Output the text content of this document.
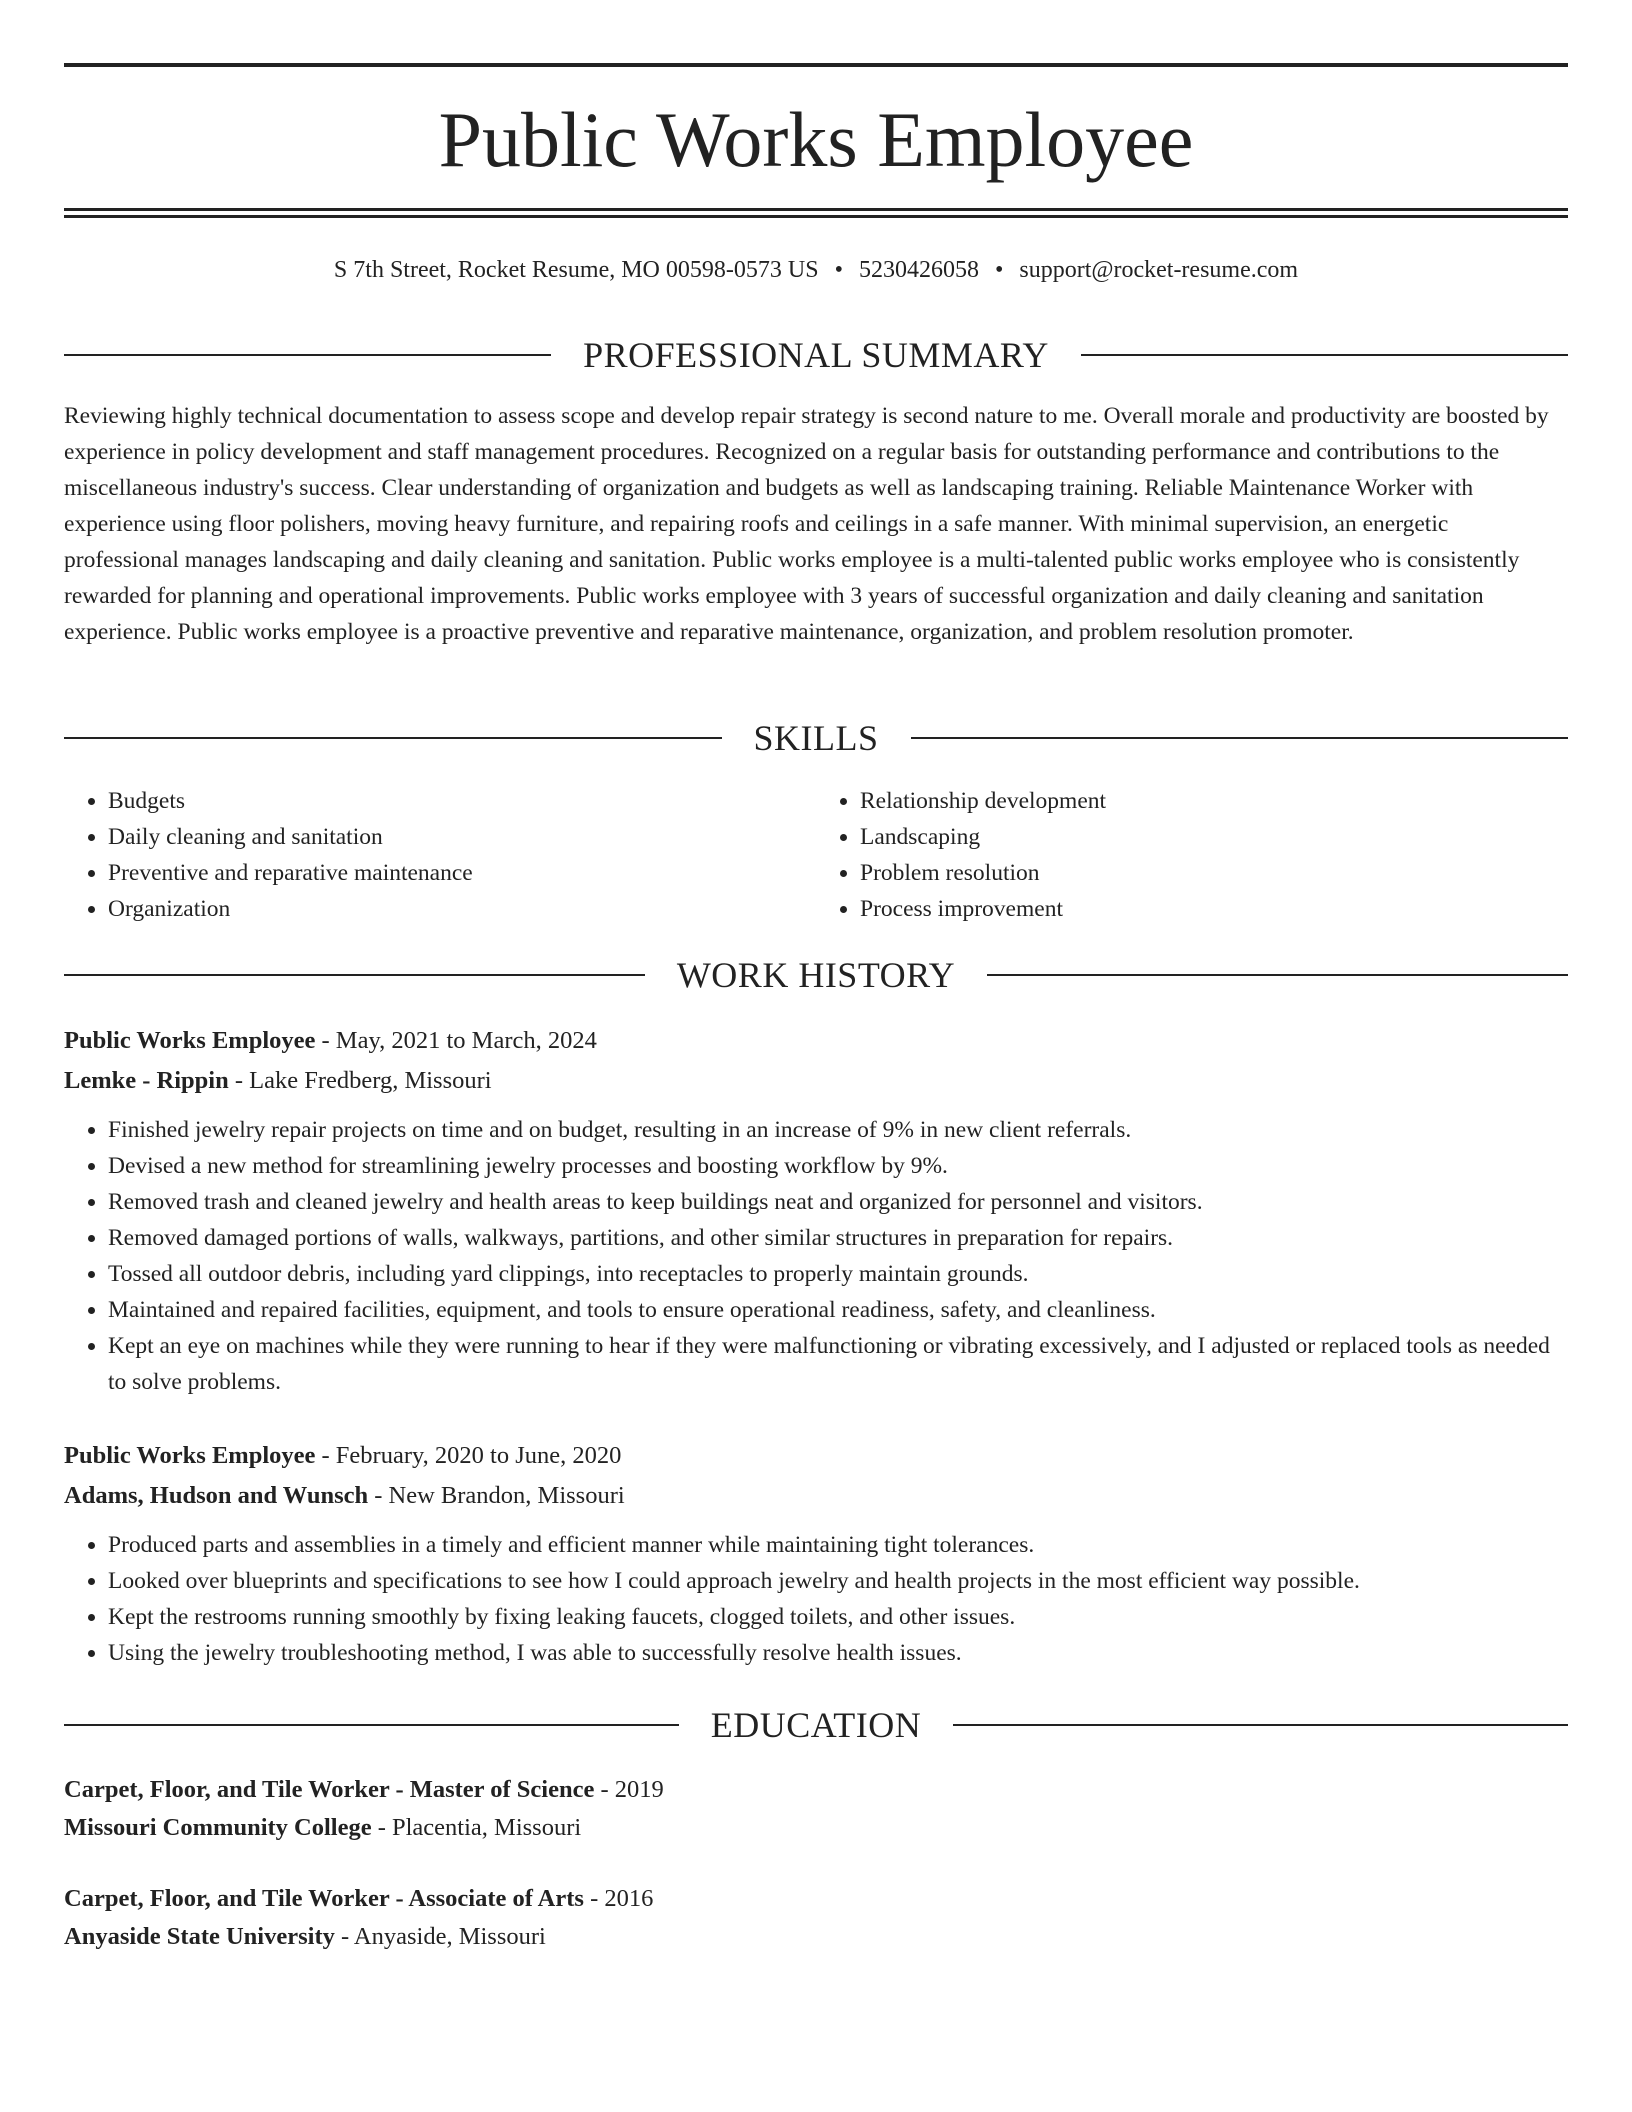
Public Works Employee
S 7th Street, Rocket Resume, MO 00598-0573 US • 5230426058 • support@rocket-resume.com
PROFESSIONAL SUMMARY

Reviewing highly technical documentation to assess scope and develop repair strategy is second nature to me. Overall morale and productivity are boosted by experience in policy development and staff management procedures. Recognized on a regular basis for outstanding performance and contributions to the miscellaneous industry's success. Clear understanding of organization and budgets as well as landscaping training. Reliable Maintenance Worker with experience using floor polishers, moving heavy furniture, and repairing roofs and ceilings in a safe manner. With minimal supervision, an energetic professional manages landscaping and daily cleaning and sanitation. Public works employee is a multi-talented public works employee who is consistently rewarded for planning and operational improvements. Public works employee with 3 years of successful organization and daily cleaning and sanitation experience. Public works employee is a proactive preventive and reparative maintenance, organization, and problem resolution promoter.

SKILLS
• Budgets
• Daily cleaning and sanitation
• Preventive and reparative maintenance
• Organization
• Relationship development
• Landscaping
• Problem resolution
• Process improvement
WORK HISTORY
Public Works Employee - May, 2021 to March, 2024
Lemke - Rippin - Lake Fredberg, Missouri
• Finished jewelry repair projects on time and on budget, resulting in an increase of 9% in new client referrals.
• Devised a new method for streamlining jewelry processes and boosting workflow by 9%.
• Removed trash and cleaned jewelry and health areas to keep buildings neat and organized for personnel and visitors.
• Removed damaged portions of walls, walkways, partitions, and other similar structures in preparation for repairs.
• Tossed all outdoor debris, including yard clippings, into receptacles to properly maintain grounds.
• Maintained and repaired facilities, equipment, and tools to ensure operational readiness, safety, and cleanliness.
• Kept an eye on machines while they were running to hear if they were malfunctioning or vibrating excessively, and I adjusted or replaced tools as needed to solve problems.
Public Works Employee - February, 2020 to June, 2020
Adams, Hudson and Wunsch - New Brandon, Missouri
• Produced parts and assemblies in a timely and efficient manner while maintaining tight tolerances.
• Looked over blueprints and specifications to see how I could approach jewelry and health projects in the most efficient way possible.
• Kept the restrooms running smoothly by fixing leaking faucets, clogged toilets, and other issues.
• Using the jewelry troubleshooting method, I was able to successfully resolve health issues.
EDUCATION
Carpet, Floor, and Tile Worker - Master of Science - 2019
Missouri Community College - Placentia, Missouri
Carpet, Floor, and Tile Worker - Associate of Arts - 2016
Anyaside State University - Anyaside, Missouri
